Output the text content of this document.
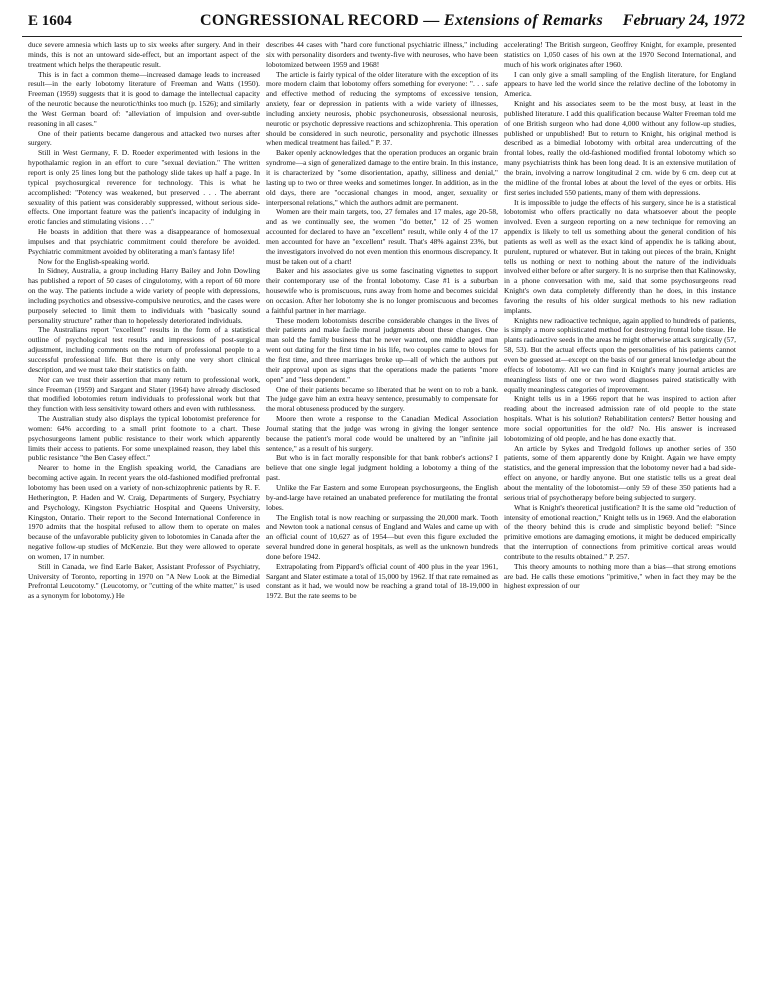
E 1604	CONGRESSIONAL RECORD — Extensions of Remarks February 24, 1972

duce severe amnesia which lasts up to six weeks after surgery. And in their minds, this is not an untoward side-effect, but an important aspect of the treatment which helps the therapeutic result.

This is in fact a common theme—increased damage leads to increased result—in the early lobotomy literature of Freeman and Watts (1950). Freeman (1959) suggests that it is good to damage the intellectual capacity of the neurotic because the neurotic/thinks too much (p. 1526); and similarly the West German board of: "alleviation of impulsion and over-subtle reasoning in all cases."

One of their patients became dangerous and attacked two nurses after surgery.

Still in West Germany, F. D. Roeder experimented with lesions in the hypothalamic region in an effort to cure "sexual deviation." The written report is only 25 lines long but the pathology slide takes up half a page. In typical psychosurgical reverence for technology. This is what he accomplished: "Potency was weakened, but preserved . . . The aberrant sexuality of this patient was considerably suppressed, without serious side-effects. One important feature was the patient's incapacity of indulging in erotic fancies and stimulating visions . . ."

He boasts in addition that there was a disappearance of homosexual impulses and that psychiatric commitment could therefore be avoided. Psychiatric commitment avoided by obliterating a man's fantasy life!

Now for the English-speaking world.

In Sidney, Australia, a group including Harry Bailey and John Dowling has published a report of 50 cases of cingulotomy, with a report of 60 more on the way. The patients include a wide variety of people with depressions, including psychotics and obsessive-compulsive neurotics, and the cases were purposely selected to limit them to individuals with "basically sound personality structure" rather than to hopelessly deteriorated individuals.

The Australians report "excellent" results in the form of a statistical outline of psychological test results and impressions of post-surgical adjustment, including comments on the return of professional people to a successful professional life. But there is only one very short clinical description, and we must take their statistics on faith.

Nor can we trust their assertion that many return to professional work, since Freeman (1959) and Sargant and Slater (1964) have already disclosed that modified lobotomies return individuals to professional work but that they function with less sensitivity toward others and even with ruthlessness.

The Australian study also displays the typical lobotomist preference for women: 64% according to a small print footnote to a chart. These psychosurgeons lament public resistance to their work which apparently limits their access to patients. For some unexplained reason, they label this public resistance "the Ben Casey effect."

Nearer to home in the English speaking world, the Canadians are becoming active again. In recent years the old-fashioned modified prefrontal lobotomy has been used on a variety of non-schizophrenic patients by R. F. Hetherington, P. Haden and W. Craig, Departments of Surgery, Psychiatry and Psychology, Kingston Psychiatric Hospital and Queens University, Kingston, Ontario. Their report to the Second International Conference in 1970 admits that the hospital refused to allow them to operate on males because of the unfavorable publicity given to lobotomies in Canada after the negative follow-up studies of McKenzie. But they were allowed to operate on women, 17 in number.

Still in Canada, we find Earle Baker, Assistant Professor of Psychiatry, University of Toronto, reporting in 1970 on "A New Look at the Bimedial Prefrontal Leucotomy." (Leucotomy, or "cutting of the white matter," is used as a synonym for lobotomy.) He

describes 44 cases with "hard core functional psychiatric illness," including six with personality disorders and twenty-five with neuroses, who have been lobotomized between 1959 and 1968!

The article is fairly typical of the older literature with the exception of its more modern claim that lobotomy offers something for everyone: ". . . safe and effective method of reducing the symptoms of excessive tension, anxiety, fear or depression in patients with a wide variety of illnesses, including anxiety neurosis, phobic psychoneurosis, obsessional neurosis, neurotic or psychotic depressive reactions and schizophrenia. This operation should be considered in such neurotic, personality and psychotic illnesses when medical treatment has failed." P. 37.

Baker openly acknowledges that the operation produces an organic brain syndrome—a sign of generalized damage to the entire brain. In this instance, it is characterized by "some disorientation, apathy, silliness and denial," lasting up to two or three weeks and sometimes longer. In addition, as in the old days, there are "occasional changes in mood, anger, sexuality or interpersonal relations," which the authors admit are permanent.

Women are their main targets, too, 27 females and 17 males, age 20-58, and as we continually see, the women "do better," 12 of 25 women accounted for declared to have an "excellent" result, while only 4 of the 17 men accounted for have an "excellent" result. That's 48% against 23%, but the investigators involved do not even mention this enormous discrepancy. It must be taken out of a chart!

Baker and his associates give us some fascinating vignettes to support their contemporary use of the frontal lobotomy. Case #1 is a suburban housewife who is promiscuous, runs away from home and becomes suicidal on occasion. After her lobotomy she is no longer promiscuous and becomes a faithful partner in her marriage.

These modern lobotomists describe considerable changes in the lives of their patients and make facile moral judgments about these changes. One man sold the family business that he never wanted, one middle aged man went out dating for the first time in his life, two couples came to blows for the first time, and three marriages broke up—all of which the authors put their approval upon as signs that the operations made the patients "more open" and "less dependent."

One of their patients became so liberated that he went on to rob a bank. The judge gave him an extra heavy sentence, presumably to compensate for the moral obtuseness produced by the surgery.

Moore then wrote a response to the Canadian Medical Association Journal stating that the judge was wrong in giving the longer sentence because the patient's moral code would be unaltered by an "infinite jail sentence," as a result of his surgery.

But who is in fact morally responsible for that bank robber's actions? I believe that one single legal judgment holding a lobotomy a thing of the past.

Unlike the Far Eastern and some European psychosurgeons, the English by-and-large have retained an unabated preference for mutilating the frontal lobes.

The English total is now reaching or surpassing the 20,000 mark. Tooth and Newton took a national census of England and Wales and came up with an official count of 10,627 as of 1954—but even this figure excluded the several hundred done in general hospitals, as well as the unknown hundreds done before 1942.

Extrapolating from Pippard's official count of 400 plus in the year 1961, Sargant and Slater estimate a total of 15,000 by 1962. If that rate remained as constant as it had, we would now be reaching a grand total of 18-19,000 in 1972. But the rate seems to be

accelerating! The British surgeon, Geoffrey Knight, for example, presented statistics on 1,050 cases of his own at the 1970 Second International, and much of his work originates after 1960.

I can only give a small sampling of the English literature, for England appears to have led the world since the relative decline of the lobotomy in America.

Knight and his associates seem to be the most busy, at least in the published literature. I add this qualification because Walter Freeman told me of one British surgeon who had done 4,000 without any follow-up studies, published or unpublished! But to return to Knight, his original method is described as a bimedial lobotomy with orbital area undercutting of the frontal lobes, really the old-fashioned modified frontal lobotomy which so many psychiatrists think has been long dead. It is an extensive mutilation of the brain, involving a narrow longitudinal 2 cm. wide by 6 cm. deep cut at the midline of the frontal lobes at about the level of the eyes or orbits. His first series included 550 patients, many of them with depressions.

It is impossible to judge the effects of his surgery, since he is a statistical lobotomist who offers practically no data whatsoever about the people involved. Even a surgeon reporting on a new technique for removing an appendix is likely to tell us something about the general condition of his patients as well as well as the exact kind of appendix he is talking about, purulent, ruptured or whatever. But in taking out pieces of the brain, Knight tells us nothing or next to nothing about the nature of the individuals involved either before or after surgery. It is no surprise then that Kalinowsky, in a phone conversation with me, said that some psychosurgeons read Knight's own data completely differently than he does, in this instance favoring the results of his older surgical methods to his new radiation implants.

Knights new radioactive technique, again applied to hundreds of patients, is simply a more sophisticated method for destroying frontal lobe tissue. He plants radioactive seeds in the areas he might otherwise attack surgically (57, 58, 53). But the actual effects upon the personalities of his patients cannot even be guessed at—except on the basis of our general knowledge about the effects of lobotomy. All we can find in Knight's many journal articles are meaningless lists of one or two word diagnoses paired statistically with equally meaningless categories of improvement.

Knight tells us in a 1966 report that he was inspired to action after reading about the increased admission rate of old people to the state hospitals. What is his solution? Rehabilitation centers? Better housing and more social opportunities for the old? No. His answer is increased lobotomizing of old people, and he has done exactly that.

An article by Sykes and Tredgold follows up another series of 350 patients, some of them apparently done by Knight. Again we have empty statistics, and the general impression that the lobotomy never had a bad side-effect on anyone, or hardly anyone. But one statistic tells us a great deal about the mentality of the lobotomist—only 59 of these 350 patients had a serious trial of psychotherapy before being subjected to surgery.

What is Knight's theoretical justification? It is the same old "reduction of intensity of emotional reaction," Knight tells us in 1969. And the elaboration of the theory behind this is crude and simplistic beyond belief: "Since primitive emotions are damaging emotions, it might be deduced empirically that the interruption of connections from primitive cortical areas would contribute to the results obtained." P. 257.

This theory amounts to nothing more than a bias—that strong emotions are bad. He calls these emotions "primitive," when in fact they may be the highest expression of our
